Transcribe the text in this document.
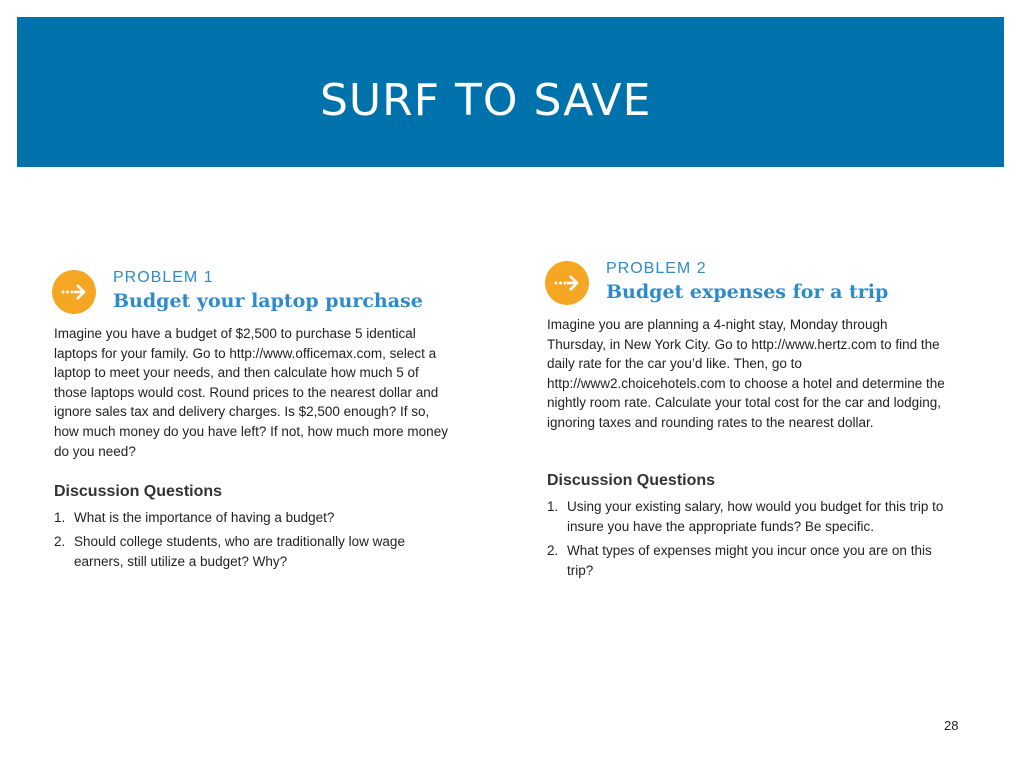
SURF TO SAVE

PROBLEM 1

Budget your laptop purchase

Imagine you have a budget of $2,500 to purchase 5 identical laptops for your family. Go to http://www.officemax.com, select a laptop to meet your needs, and then calculate how much 5 of those laptops would cost. Round prices to the nearest dollar and ignore sales tax and delivery charges. Is $2,500 enough? If so, how much money do you have left? If not, how much more money do you need?

Discussion Questions

1. What is the importance of having a budget?

2. Should college students, who are traditionally low wage earners, still utilize a budget? Why?

PROBLEM 2

Budget expenses for a trip

Imagine you are planning a 4-night stay, Monday through Thursday, in New York City. Go to http://www.hertz.com to find the daily rate for the car you’d like. Then, go to http://www2.choicehotels.com to choose a hotel and determine the nightly room rate. Calculate your total cost for the car and lodging, ignoring taxes and rounding rates to the nearest dollar.

Discussion Questions

1. Using your existing salary, how would you budget for this trip to insure you have the appropriate funds? Be specific.

2. What types of expenses might you incur once you are on this trip?

28
